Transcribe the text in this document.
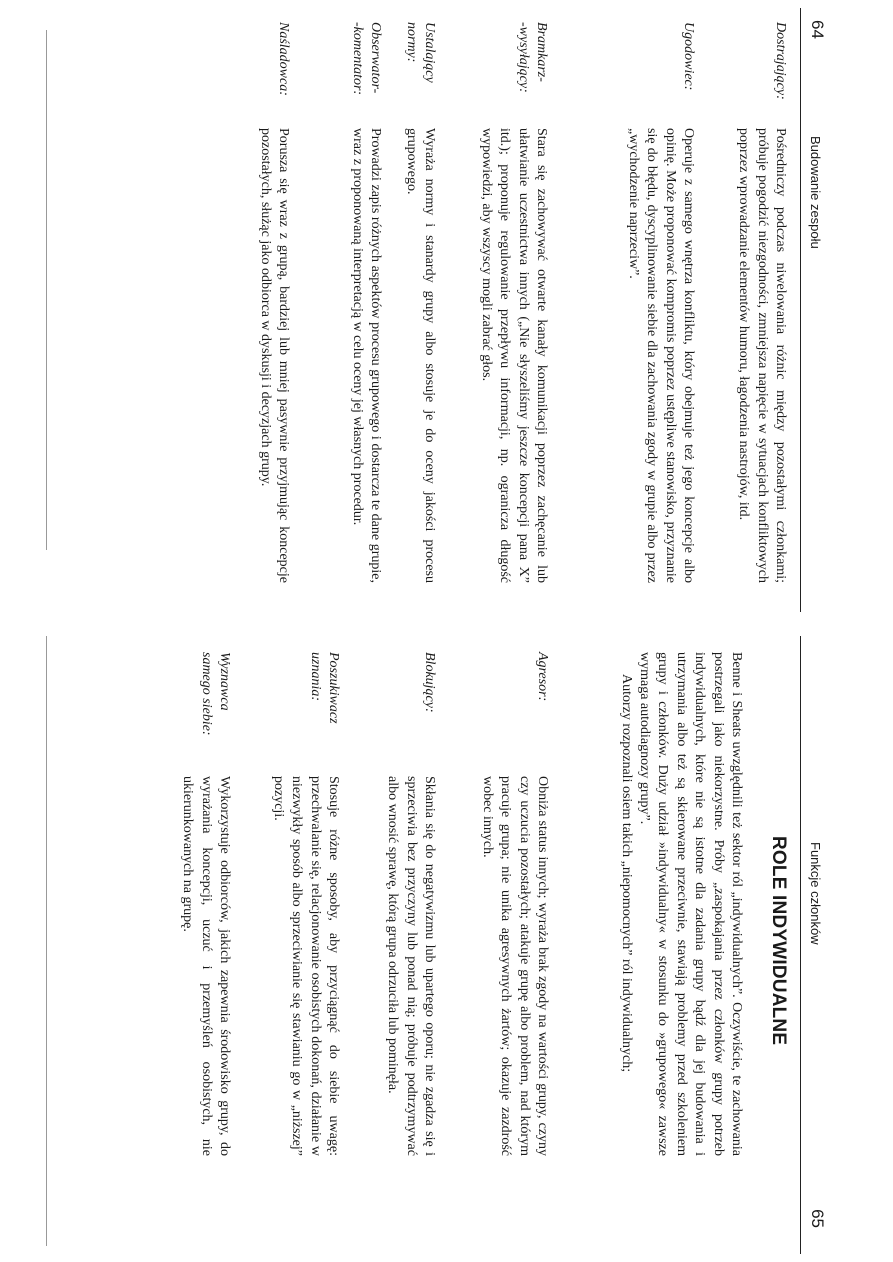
64
Budowanie zespołu
Dostrajający:
Pośredniczy podczas niwelowania różnic między pozostałymi członkami; próbuje pogodzić niezgodności, zmniejsza napięcie w sytuacjach konfliktowych poprzez wprowadzanie elementów humoru, łagodzenia nastrojów, itd.
Ugodowiec:
Operuje z samego wnętrza konfliktu, który obejmuje też jego koncepcje albo opinię. Może proponować kompromis poprzez ustępliwe stanowisko, przyznanie się do błędu, dyscyplinowanie siebie dla zachowania zgody w grupie albo przez „wychodzenie naprzeciw”.
Bramkarz-
-wysyłający:
Stara się zachowywać otwarte kanały komunikacji poprzez zachęcanie lub ułatwianie uczestnictwa innych („Nie słyszeliśmy jeszcze koncepcji pana X” itd.); proponuje regulowanie przepływu informacji, np. ogranicza długość wypowiedzi, aby wszyscy mogli zabrać głos.
Ustalający
normy:
Wyraża normy i stanardy grupy albo stosuje je do oceny jakości procesu grupowego.
Obserwator-
-komentator:
Prowadzi zapis różnych aspektów procesu grupowego i dostarcza te dane grupie, wraz z proponowaną interpretacją w celu oceny jej własnych procedur.
Naśladowca:
Porusza się wraz z grupą, bardziej lub mniej pasywnie przyjmując koncepcje pozostałych, służąc jako odbiorca w dyskusji i decyzjach grupy.
Funkcje członków
65
ROLE INDYWIDUALNE

Benne i Sheats uwzględnili też sektor ról „indywidualnych”. Oczywiście, te zachowania postrzegali jako niekorzystne. Próby „zaspokajania przez członków grupy potrzeb indywidualnych, które nie są istotne dla zadania grupy bądź dla jej budowania i utrzymania albo też są skierowane przeciwnie, stawiają problemy przed szkoleniem grupy i członków. Duży udział »indywidualny« w stosunku do »grupowego« zawsze wymaga autodiagnozy grupy”.

Autorzy rozpoznali osiem takich „niepomocnych” ról indywidualnych;

Agresor:
Obniża status innych; wyraża brak zgody na wartości grupy, czyny czy uczucia pozostałych; atakuje grupę albo problem, nad którym pracuje grupa; nie unika agresywnych żartów; okazuje zazdrość wobec innych.
Blokujący:
Skłania się do negatywizmu lub upartego oporu; nie zgadza się i sprzeciwia bez przyczyny lub ponad nią; próbuje podtrzymywać albo wnosić sprawę, którą grupa odrzuciła lub pominęła.
Poszukiwacz
uznania:
Stosuje różne sposoby, aby przyciągnąć do siebie uwagę: przechwalanie się, relacjonowanie osobistych dokonań, działanie w niezwykły sposób albo sprzeciwianie się stawianiu go w „niższej” pozycji.
Wyznawca
samego siebie:
Wykorzystuje odbiorców, jakich zapewnia środowisko grupy, do wyrażania koncepcji, uczuć i przemyśleń osobistych, nie ukierunkowanych na grupę.
